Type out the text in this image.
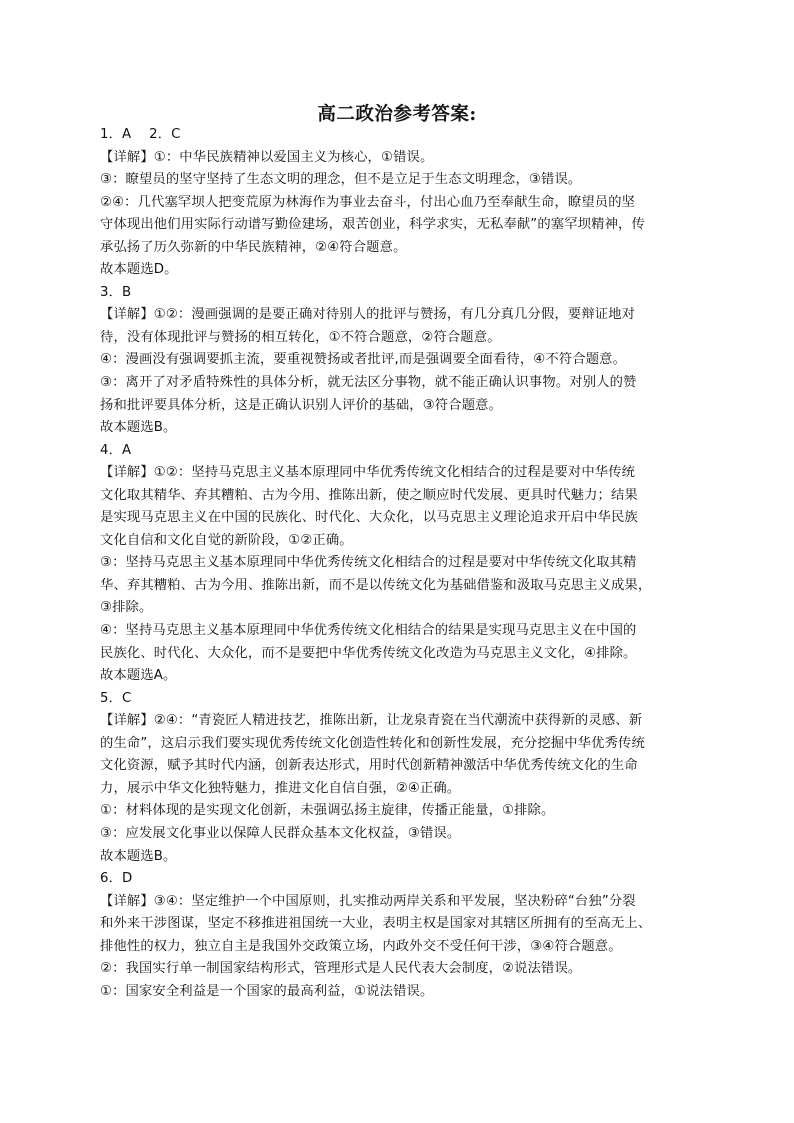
高二政治参考答案:
1．A　 2．C
【详解】①：中华民族精神以爱国主义为核心，①错误。
③：瞭望员的坚守坚持了生态文明的理念，但不是立足于生态文明理念，③错误。
②④：几代塞罕坝人把变荒原为林海作为事业去奋斗，付出心血乃至奉献生命，瞭望员的坚
守体现出他们用实际行动谱写勤俭建场，艰苦创业，科学求实，无私奉献”的塞罕坝精神，传
承弘扬了历久弥新的中华民族精神，②④符合题意。
故本题选D。
3．B
【详解】①②：漫画强调的是要正确对待别人的批评与赞扬，有几分真几分假，要辩证地对
待，没有体现批评与赞扬的相互转化，①不符合题意，②符合题意。
④：漫画没有强调要抓主流，要重视赞扬或者批评,而是强调要全面看待，④不符合题意。
③：离开了对矛盾特殊性的具体分析，就无法区分事物，就不能正确认识事物。对别人的赞
扬和批评要具体分析，这是正确认识别人评价的基础，③符合题意。
故本题选B。
4．A
【详解】①②：坚持马克思主义基本原理同中华优秀传统文化相结合的过程是要对中华传统
文化取其精华、弃其糟粕、古为今用、推陈出新，使之顺应时代发展、更具时代魅力；结果
是实现马克思主义在中国的民族化、时代化、大众化，以马克思主义理论追求开启中华民族
文化自信和文化自觉的新阶段，①②正确。
③：坚持马克思主义基本原理同中华优秀传统文化相结合的过程是要对中华传统文化取其精
华、弃其糟粕、古为今用、推陈出新，而不是以传统文化为基础借鉴和汲取马克思主义成果，
③排除。
④：坚持马克思主义基本原理同中华优秀传统文化相结合的结果是实现马克思主义在中国的
民族化、时代化、大众化，而不是要把中华优秀传统文化改造为马克思主义文化，④排除。
故本题选A。
5．C
【详解】②④：“青瓷匠人精进技艺，推陈出新，让龙泉青瓷在当代潮流中获得新的灵感、新
的生命”，这启示我们要实现优秀传统文化创造性转化和创新性发展，充分挖掘中华优秀传统
文化资源，赋予其时代内涵，创新表达形式，用时代创新精神激活中华优秀传统文化的生命
力，展示中华文化独特魅力，推进文化自信自强，②④正确。
①：材料体现的是实现文化创新，未强调弘扬主旋律，传播正能量，①排除。
③：应发展文化事业以保障人民群众基本文化权益，③错误。
故本题选B。
6．D
【详解】③④：坚定维护一个中国原则，扎实推动两岸关系和平发展，坚决粉碎“台独”分裂
和外来干涉图谋，坚定不移推进祖国统一大业，表明主权是国家对其辖区所拥有的至高无上、
排他性的权力，独立自主是我国外交政策立场，内政外交不受任何干涉，③④符合题意。
②：我国实行单一制国家结构形式，管理形式是人民代表大会制度，②说法错误。
①：国家安全利益是一个国家的最高利益，①说法错误。
